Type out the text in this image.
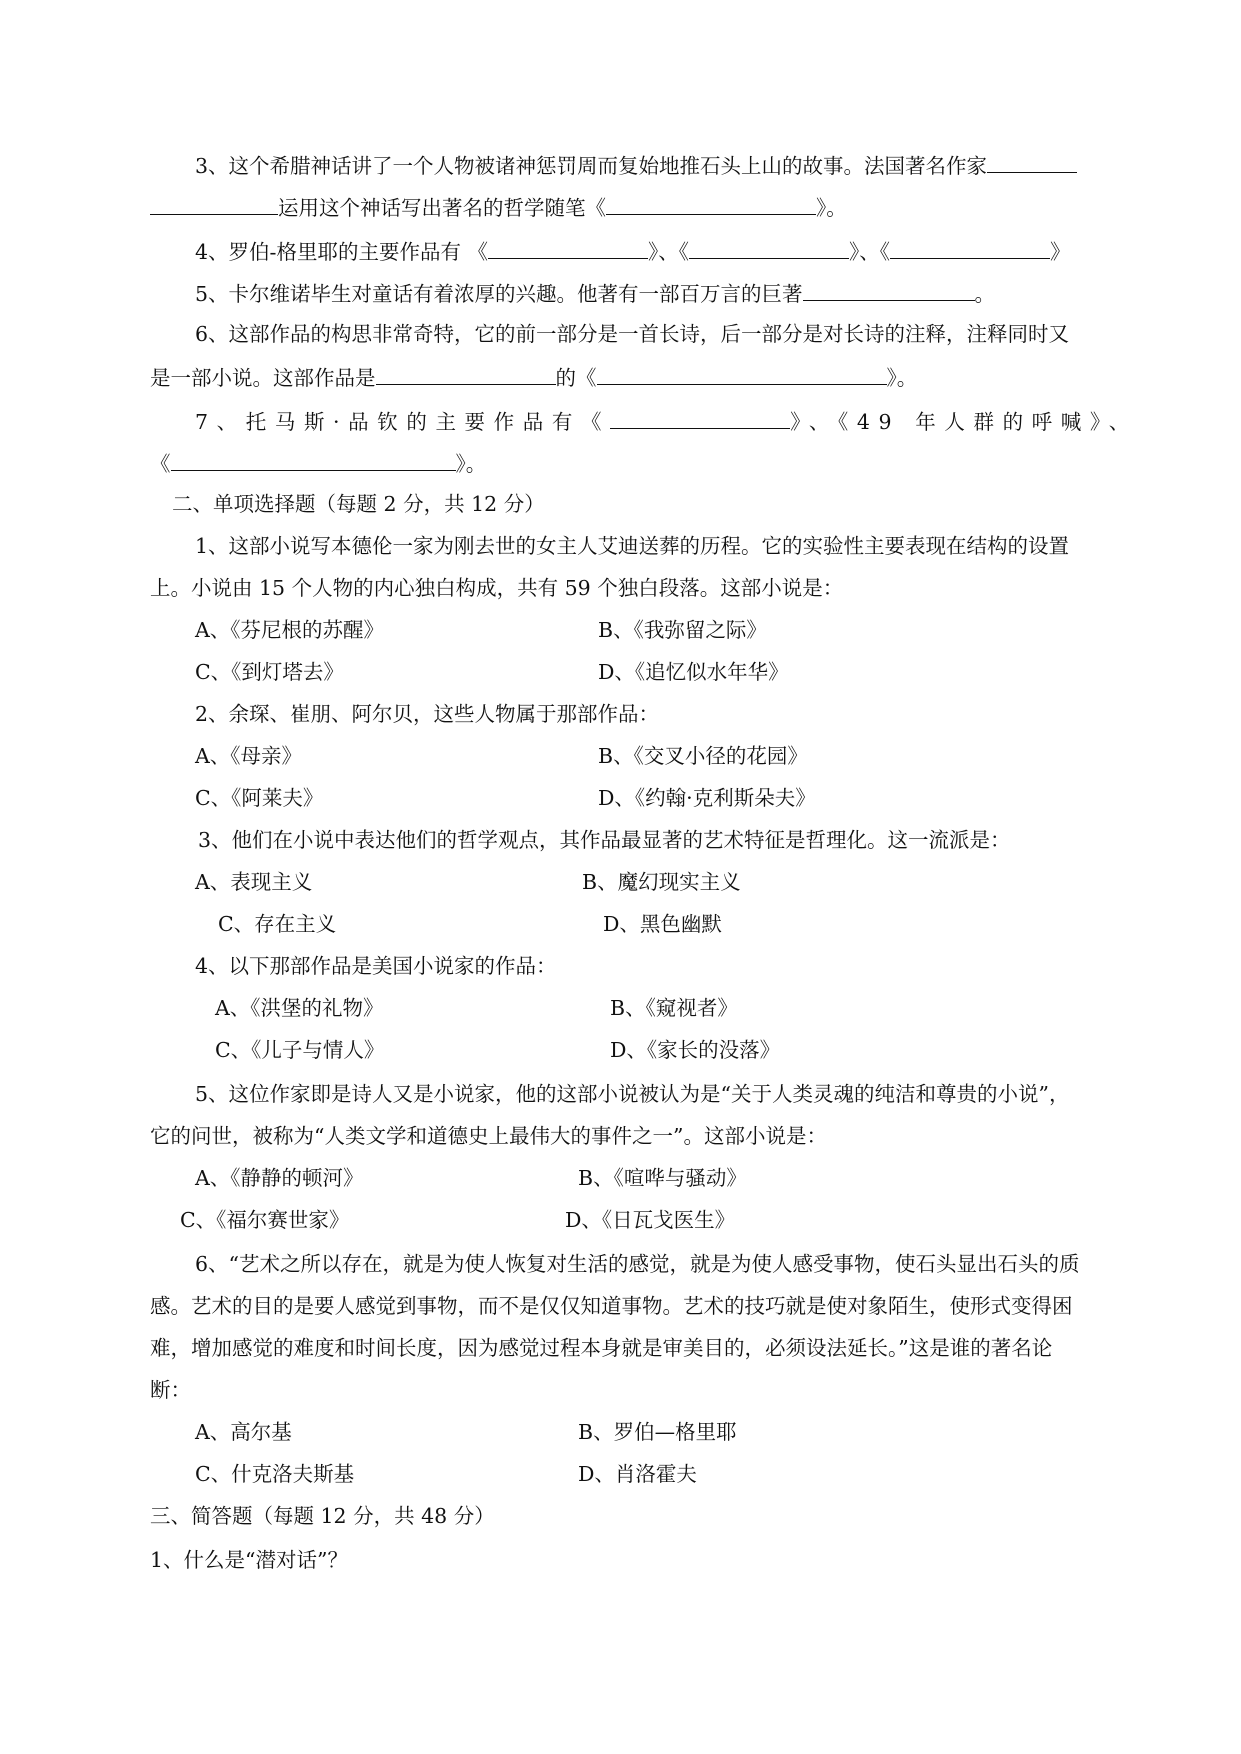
3、这个希腊神话讲了一个人物被诸神惩罚周而复始地推石头上山的故事。法国著名作家
运用这个神话写出著名的哲学随笔《	》。
4、罗伯-格里耶的主要作品有 《	》、《	》、《	》
5、卡尔维诺毕生对童话有着浓厚的兴趣。他著有一部百万言的巨著	。
6、这部作品的构思非常奇特，它的前一部分是一首长诗，后一部分是对长诗的注释，注释同时又
是一部小说。这部作品是	的《	》。
7、托马斯·品钦的主要作品有《	》、《49 年人群的呼喊》、
《	》。
二、单项选择题（每题 2 分，共 12 分）
1、这部小说写本德伦一家为刚去世的女主人艾迪送葬的历程。它的实验性主要表现在结构的设置
上。小说由 15 个人物的内心独白构成，共有 59 个独白段落。这部小说是：
A、《芬尼根的苏醒》	B、《我弥留之际》
C、《到灯塔去》	D、《追忆似水年华》
2、余琛、崔朋、阿尔贝，这些人物属于那部作品：
A、《母亲》	B、《交叉小径的花园》
C、《阿莱夫》	D、《约翰·克利斯朵夫》
3、他们在小说中表达他们的哲学观点，其作品最显著的艺术特征是哲理化。这一流派是：
A、表现主义	B、魔幻现实主义
C、存在主义	D、黑色幽默
4、以下那部作品是美国小说家的作品：
A、《洪堡的礼物》	B、《窥视者》
C、《儿子与情人》	D、《家长的没落》
5、这位作家即是诗人又是小说家，他的这部小说被认为是“关于人类灵魂的纯洁和尊贵的小说”，
它的问世，被称为“人类文学和道德史上最伟大的事件之一”。这部小说是：
A、《静静的顿河》	B、《喧哗与骚动》
C、《福尔赛世家》	D、《日瓦戈医生》
6、“艺术之所以存在，就是为使人恢复对生活的感觉，就是为使人感受事物，使石头显出石头的质
感。艺术的目的是要人感觉到事物，而不是仅仅知道事物。艺术的技巧就是使对象陌生，使形式变得困
难，增加感觉的难度和时间长度，因为感觉过程本身就是审美目的，必须设法延长。”这是谁的著名论
断：
A、高尔基	B、罗伯—格里耶
C、什克洛夫斯基	D、肖洛霍夫
三、简答题（每题 12 分，共 48 分）
1、什么是“潜对话”？
